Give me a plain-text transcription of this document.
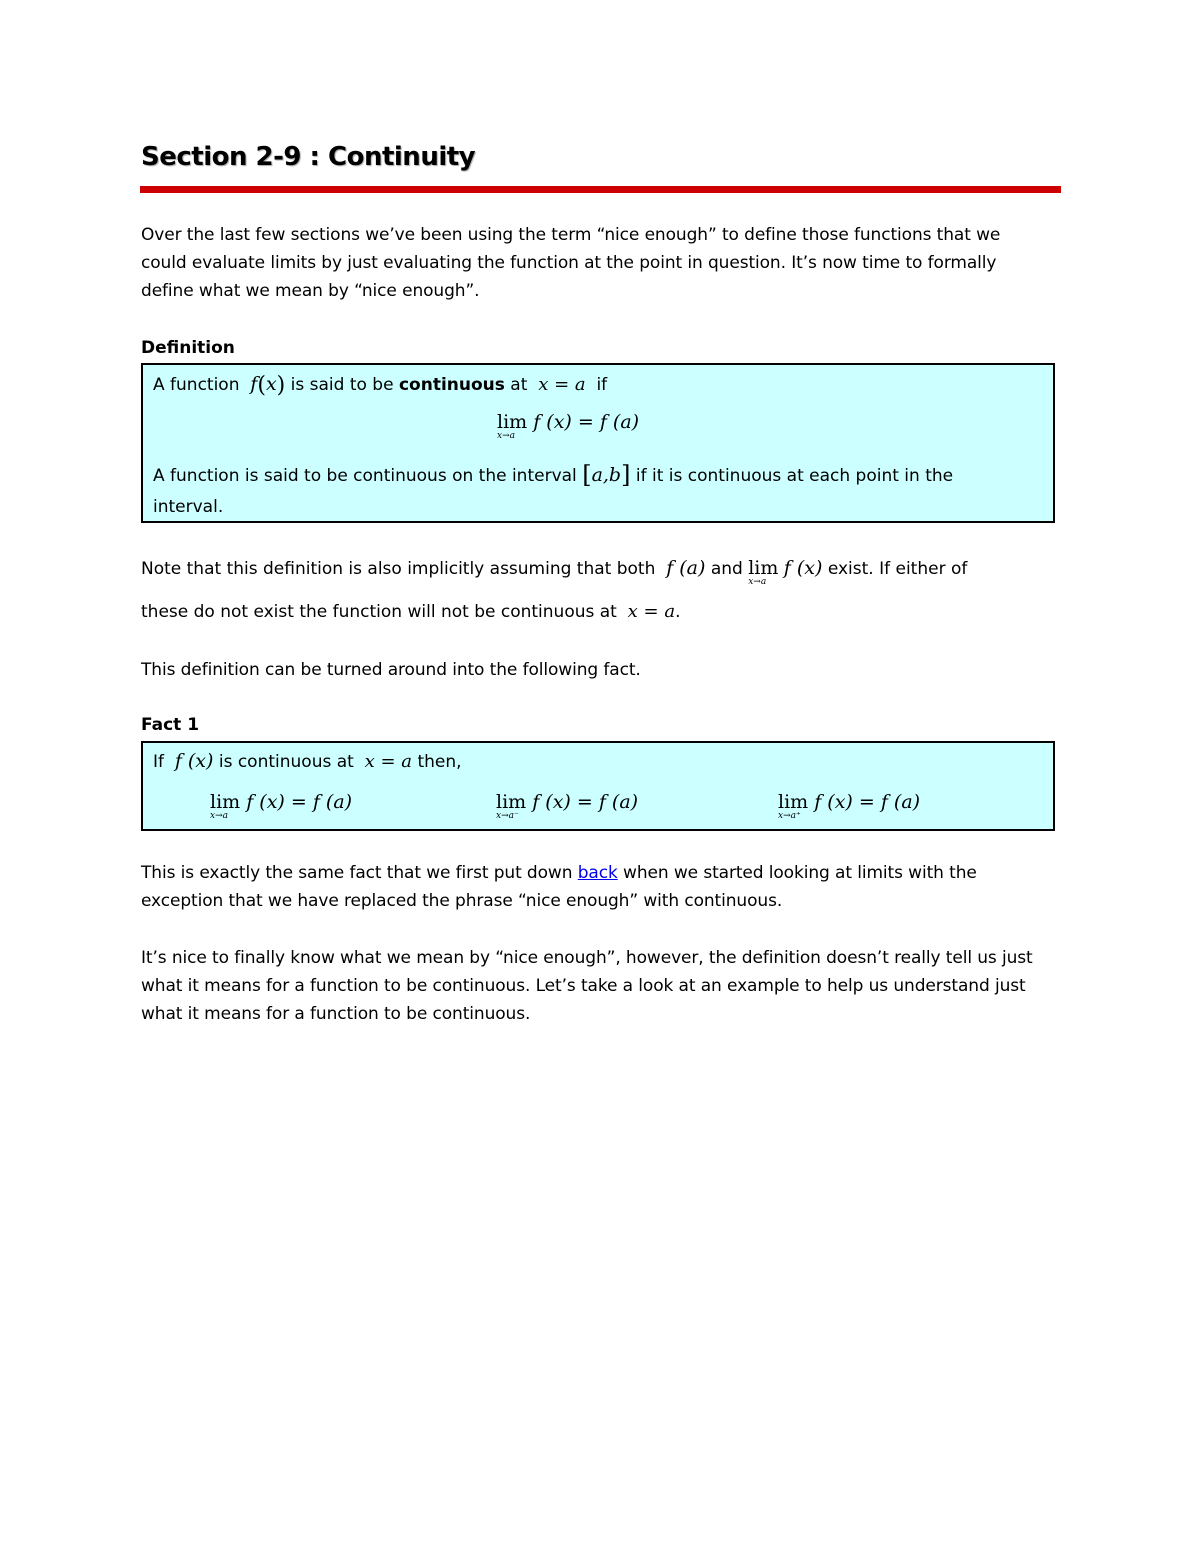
Section 2-9 : Continuity

Over the last few sections we’ve been using the term “nice enough” to define those functions that we could evaluate limits by just evaluating the function at the point in question. It’s now time to formally define what we mean by “nice enough”.

Definition

A function f(x) is said to be continuous at x = a if
lim
x→a
f (x) = f (a)
A function is said to be continuous on the interval [a,b] if it is continuous at each point in the
interval.
Note that this definition is also implicitly assuming that both f (a) and lim
x→a
f (x) exist. If either of
these do not exist the function will not be continuous at x = a.

This definition can be turned around into the following fact.

Fact 1

If f (x) is continuous at x = a then,
lim
x→a
f (x) = f (a)	lim
x→a⁻
f (x) = f (a)	lim
x→a⁺
f (x) = f (a)

This is exactly the same fact that we first put down back when we started looking at limits with the
exception that we have replaced the phrase “nice enough” with continuous.

It’s nice to finally know what we mean by “nice enough”, however, the definition doesn’t really tell us just what it means for a function to be continuous. Let’s take a look at an example to help us understand just what it means for a function to be continuous.
